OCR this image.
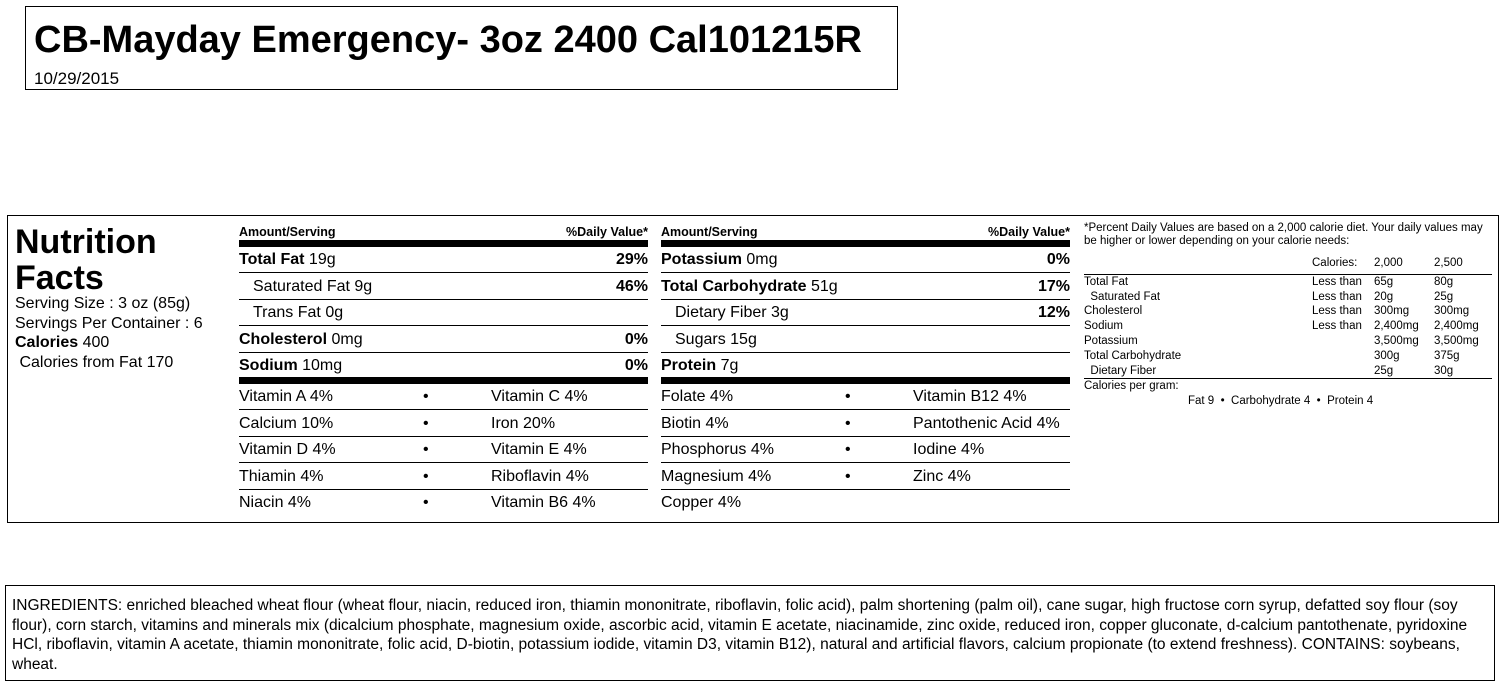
CB-Mayday Emergency- 3oz 2400 Cal101215R
10/29/2015
Nutrition
Facts
Serving Size : 3 oz (85g)
Servings Per Container : 6
Calories 400
Calories from Fat 170
Amount/Serving	%Daily Value*
Total Fat 19g	29%
Saturated Fat 9g	46%
Trans Fat 0g
Cholesterol 0mg	0%
Sodium 10mg	0%
Vitamin A 4%	•	Vitamin C 4%
Calcium 10%	•	Iron 20%
Vitamin D 4%	•	Vitamin E 4%
Thiamin 4%	•	Riboflavin 4%
Niacin 4%	•	Vitamin B6 4%
Amount/Serving	%Daily Value*
Potassium 0mg	0%
Total Carbohydrate 51g	17%
Dietary Fiber 3g	12%
Sugars 15g
Protein 7g
Folate 4%	•	Vitamin B12 4%
Biotin 4%	•	Pantothenic Acid 4%
Phosphorus 4%	•	Iodine 4%
Magnesium 4%	•	Zinc 4%
Copper 4%
*Percent Daily Values are based on a 2,000 calorie diet. Your daily values may be higher or lower depending on your calorie needs:
	Calories:	2,000	2,500

Total Fat	Less than	65g	80g
Saturated Fat	Less than	20g	25g
Cholesterol	Less than	300mg	300mg
Sodium	Less than	2,400mg	2,400mg
Potassium		3,500mg	3,500mg
Total Carbohydrate		300g	375g
Dietary Fiber		25g	30g
Calories per gram:
Fat 9  •  Carbohydrate 4  •  Protein 4
INGREDIENTS: enriched bleached wheat flour (wheat flour, niacin, reduced iron, thiamin mononitrate, riboflavin, folic acid), palm shortening (palm oil), cane sugar, high fructose corn syrup, defatted soy flour (soy flour), corn starch, vitamins and minerals mix (dicalcium phosphate, magnesium oxide, ascorbic acid, vitamin E acetate, niacinamide, zinc oxide, reduced iron, copper gluconate, d-calcium pantothenate, pyridoxine HCl, riboflavin, vitamin A acetate, thiamin mononitrate, folic acid, D-biotin, potassium iodide, vitamin D3, vitamin B12), natural and artificial flavors, calcium propionate (to extend freshness). CONTAINS: soybeans, wheat.
